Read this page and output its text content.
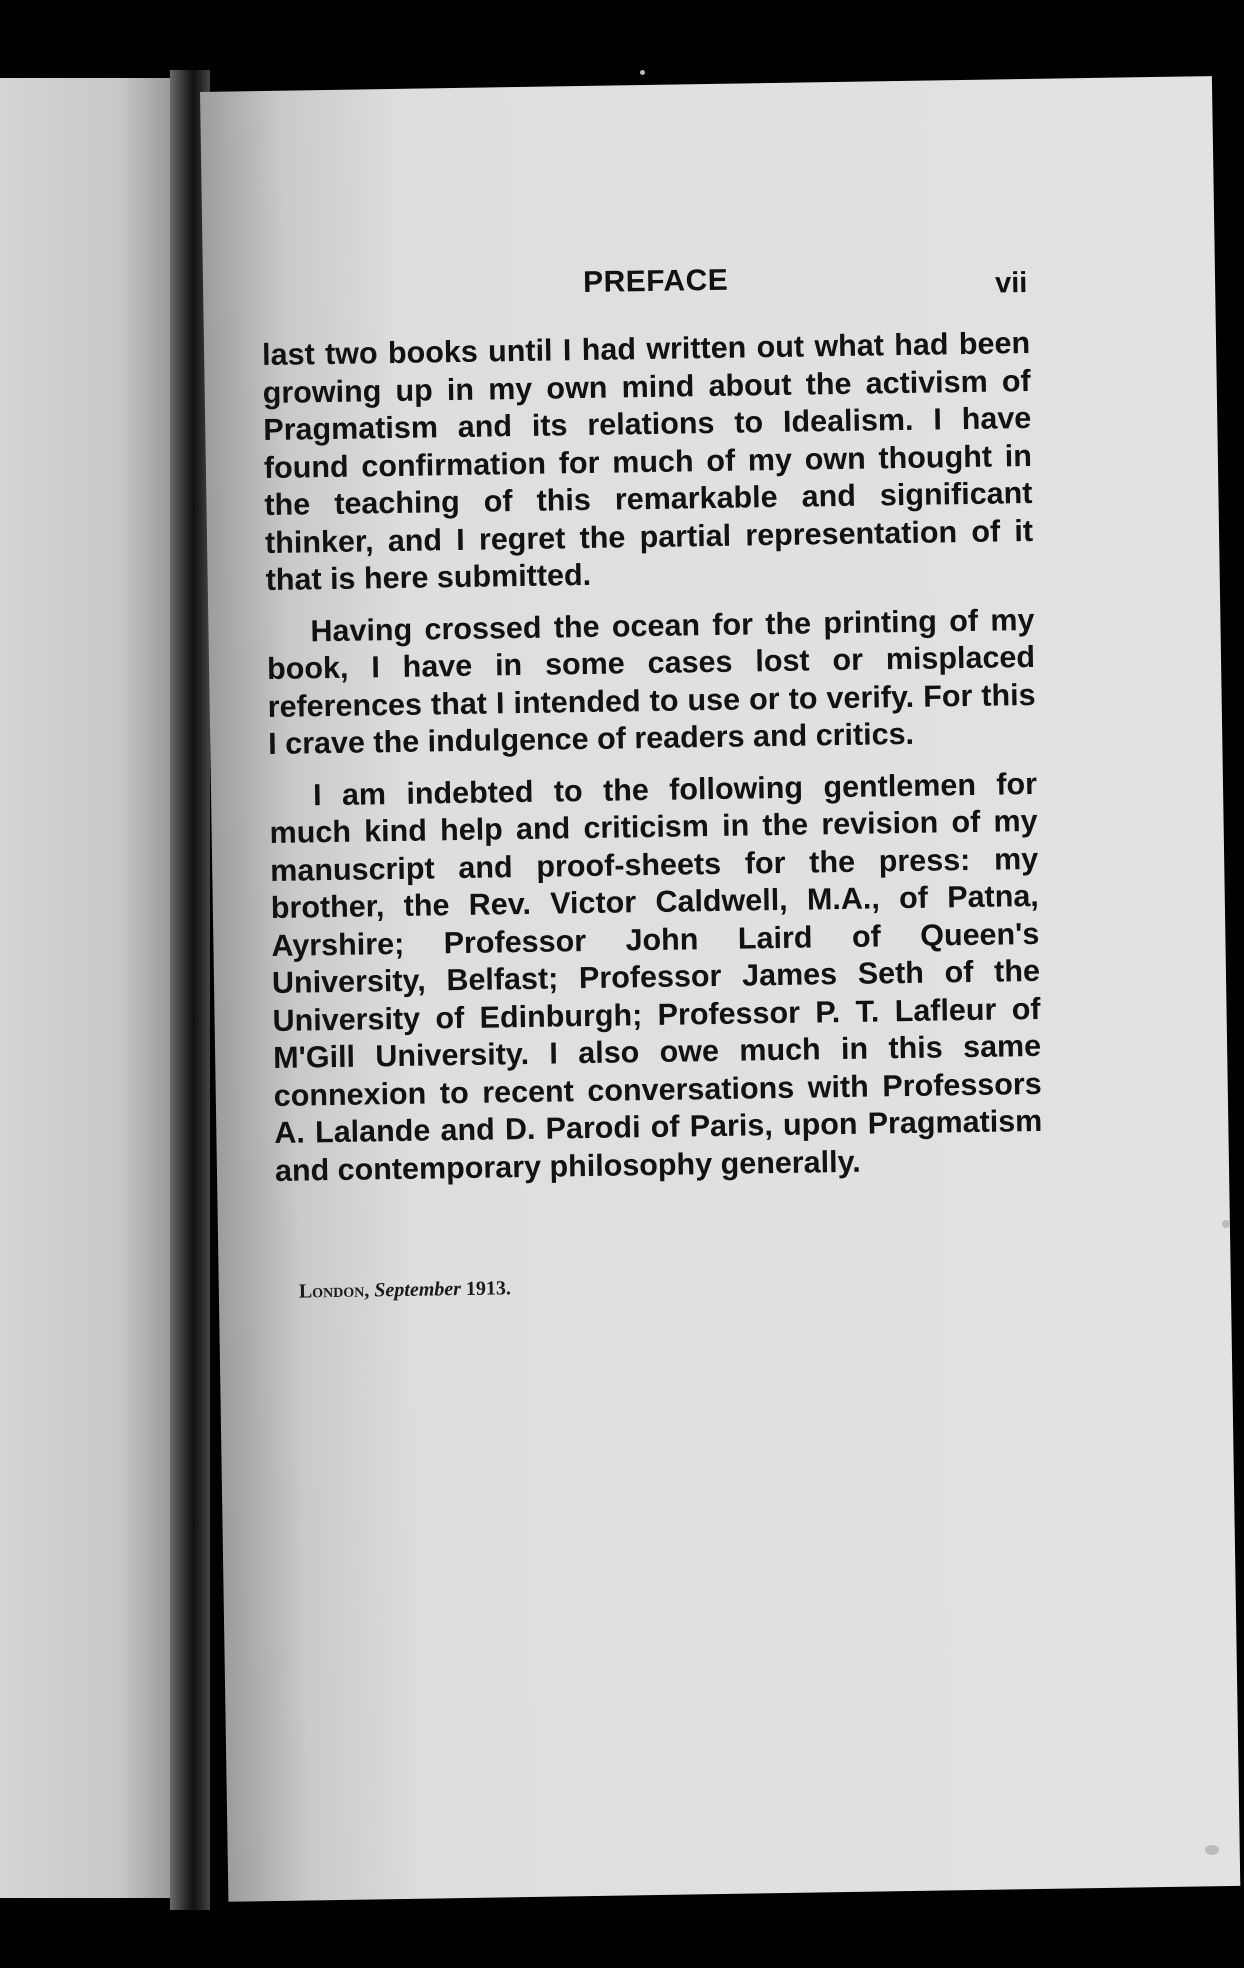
PREFACE	vii

last two books until I had written out what had been growing up in my own mind about the activism of Pragmatism and its relations to Idealism. I have found confirmation for much of my own thought in the teaching of this remarkable and significant thinker, and I regret the partial representation of it that is here submitted.

Having crossed the ocean for the printing of my book, I have in some cases lost or misplaced references that I intended to use or to verify. For this I crave the indulgence of readers and critics.

I am indebted to the following gentlemen for much kind help and criticism in the revision of my manuscript and proof-sheets for the press: my brother, the Rev. Victor Caldwell, M.A., of Patna, Ayrshire; Professor John Laird of Queen's University, Belfast; Professor James Seth of the University of Edinburgh; Professor P. T. Lafleur of M'Gill University. I also owe much in this same connexion to recent conversations with Professors A. Lalande and D. Parodi of Paris, upon Pragmatism and contemporary philosophy generally.

London, September 1913.
